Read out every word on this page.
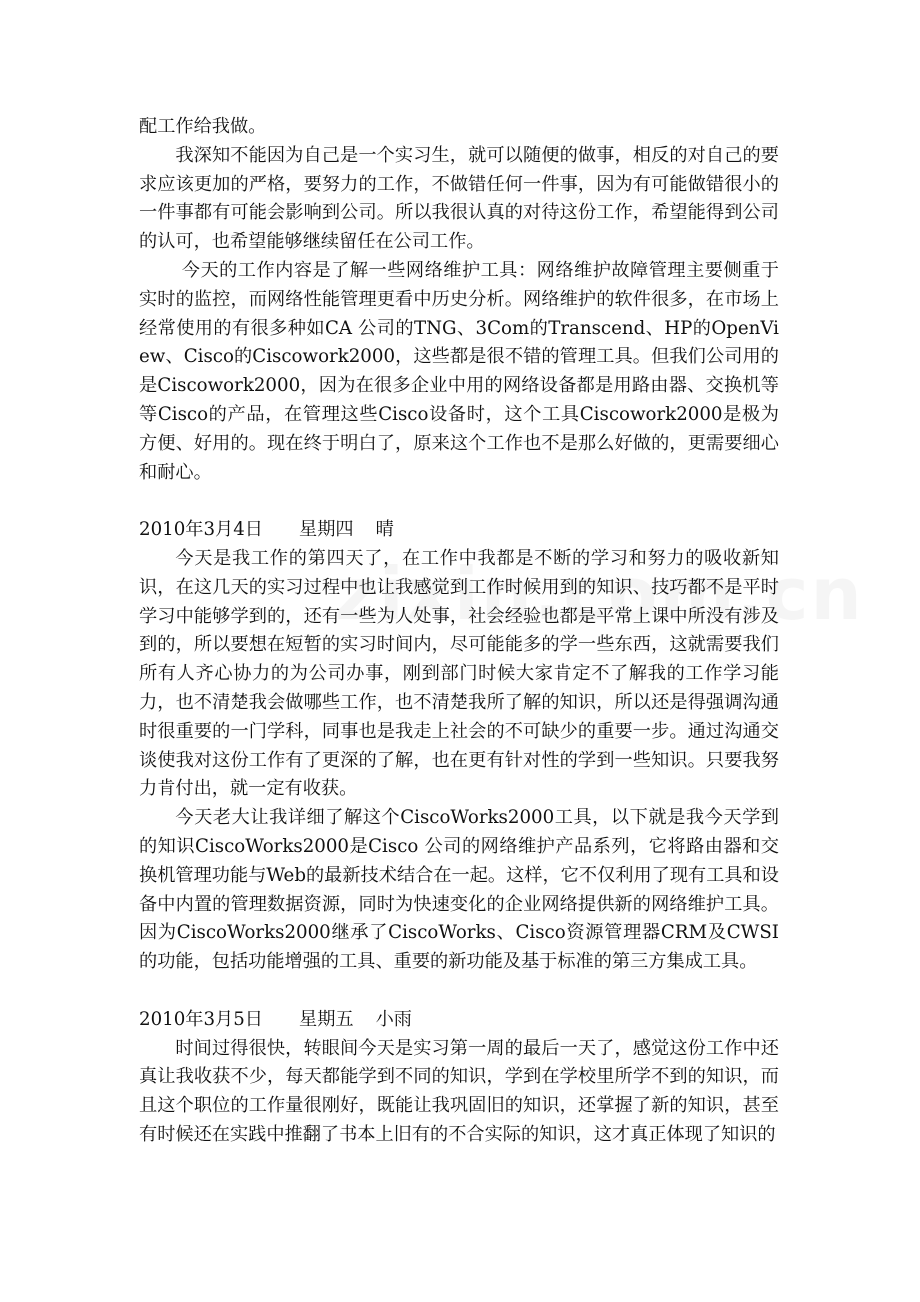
配工作给我做。

我深知不能因为自己是一个实习生，就可以随便的做事，相反的对自己的要求应该更加的严格，要努力的工作，不做错任何一件事，因为有可能做错很小的一件事都有可能会影响到公司。所以我很认真的对待这份工作，希望能得到公司的认可，也希望能够继续留任在公司工作。

今天的工作内容是了解一些网络维护工具：网络维护故障管理主要侧重于实时的监控，而网络性能管理更看中历史分析。网络维护的软件很多，在市场上经常使用的有很多种如CA 公司的TNG、3Com的Transcend、HP的OpenView、Cisco的Ciscowork2000，这些都是很不错的管理工具。但我们公司用的是Ciscowork2000，因为在很多企业中用的网络设备都是用路由器、交换机等等Cisco的产品，在管理这些Cisco设备时，这个工具Ciscowork2000是极为方便、好用的。现在终于明白了，原来这个工作也不是那么好做的，更需要细心和耐心。

2010年3月4日 星期四 晴

今天是我工作的第四天了，在工作中我都是不断的学习和努力的吸收新知识，在这几天的实习过程中也让我感觉到工作时候用到的知识、技巧都不是平时学习中能够学到的，还有一些为人处事，社会经验也都是平常上课中所没有涉及到的，所以要想在短暂的实习时间内，尽可能能多的学一些东西，这就需要我们所有人齐心协力的为公司办事，刚到部门时候大家肯定不了解我的工作学习能力，也不清楚我会做哪些工作，也不清楚我所了解的知识，所以还是得强调沟通时很重要的一门学科，同事也是我走上社会的不可缺少的重要一步。通过沟通交谈使我对这份工作有了更深的了解，也在更有针对性的学到一些知识。只要我努力肯付出，就一定有收获。

今天老大让我详细了解这个CiscoWorks2000工具，以下就是我今天学到的知识CiscoWorks2000是Cisco 公司的网络维护产品系列，它将路由器和交换机管理功能与Web的最新技术结合在一起。这样，它不仅利用了现有工具和设备中内置的管理数据资源，同时为快速变化的企业网络提供新的网络维护工具。因为CiscoWorks2000继承了CiscoWorks、Cisco资源管理器CRM及CWSI的功能，包括功能增强的工具、重要的新功能及基于标准的第三方集成工具。

2010年3月5日 星期五 小雨

时间过得很快，转眼间今天是实习第一周的最后一天了，感觉这份工作中还真让我收获不少，每天都能学到不同的知识，学到在学校里所学不到的知识，而且这个职位的工作量很刚好，既能让我巩固旧的知识，还掌握了新的知识，甚至有时候还在实践中推翻了书本上旧有的不合实际的知识，这才真正体现了知识的
